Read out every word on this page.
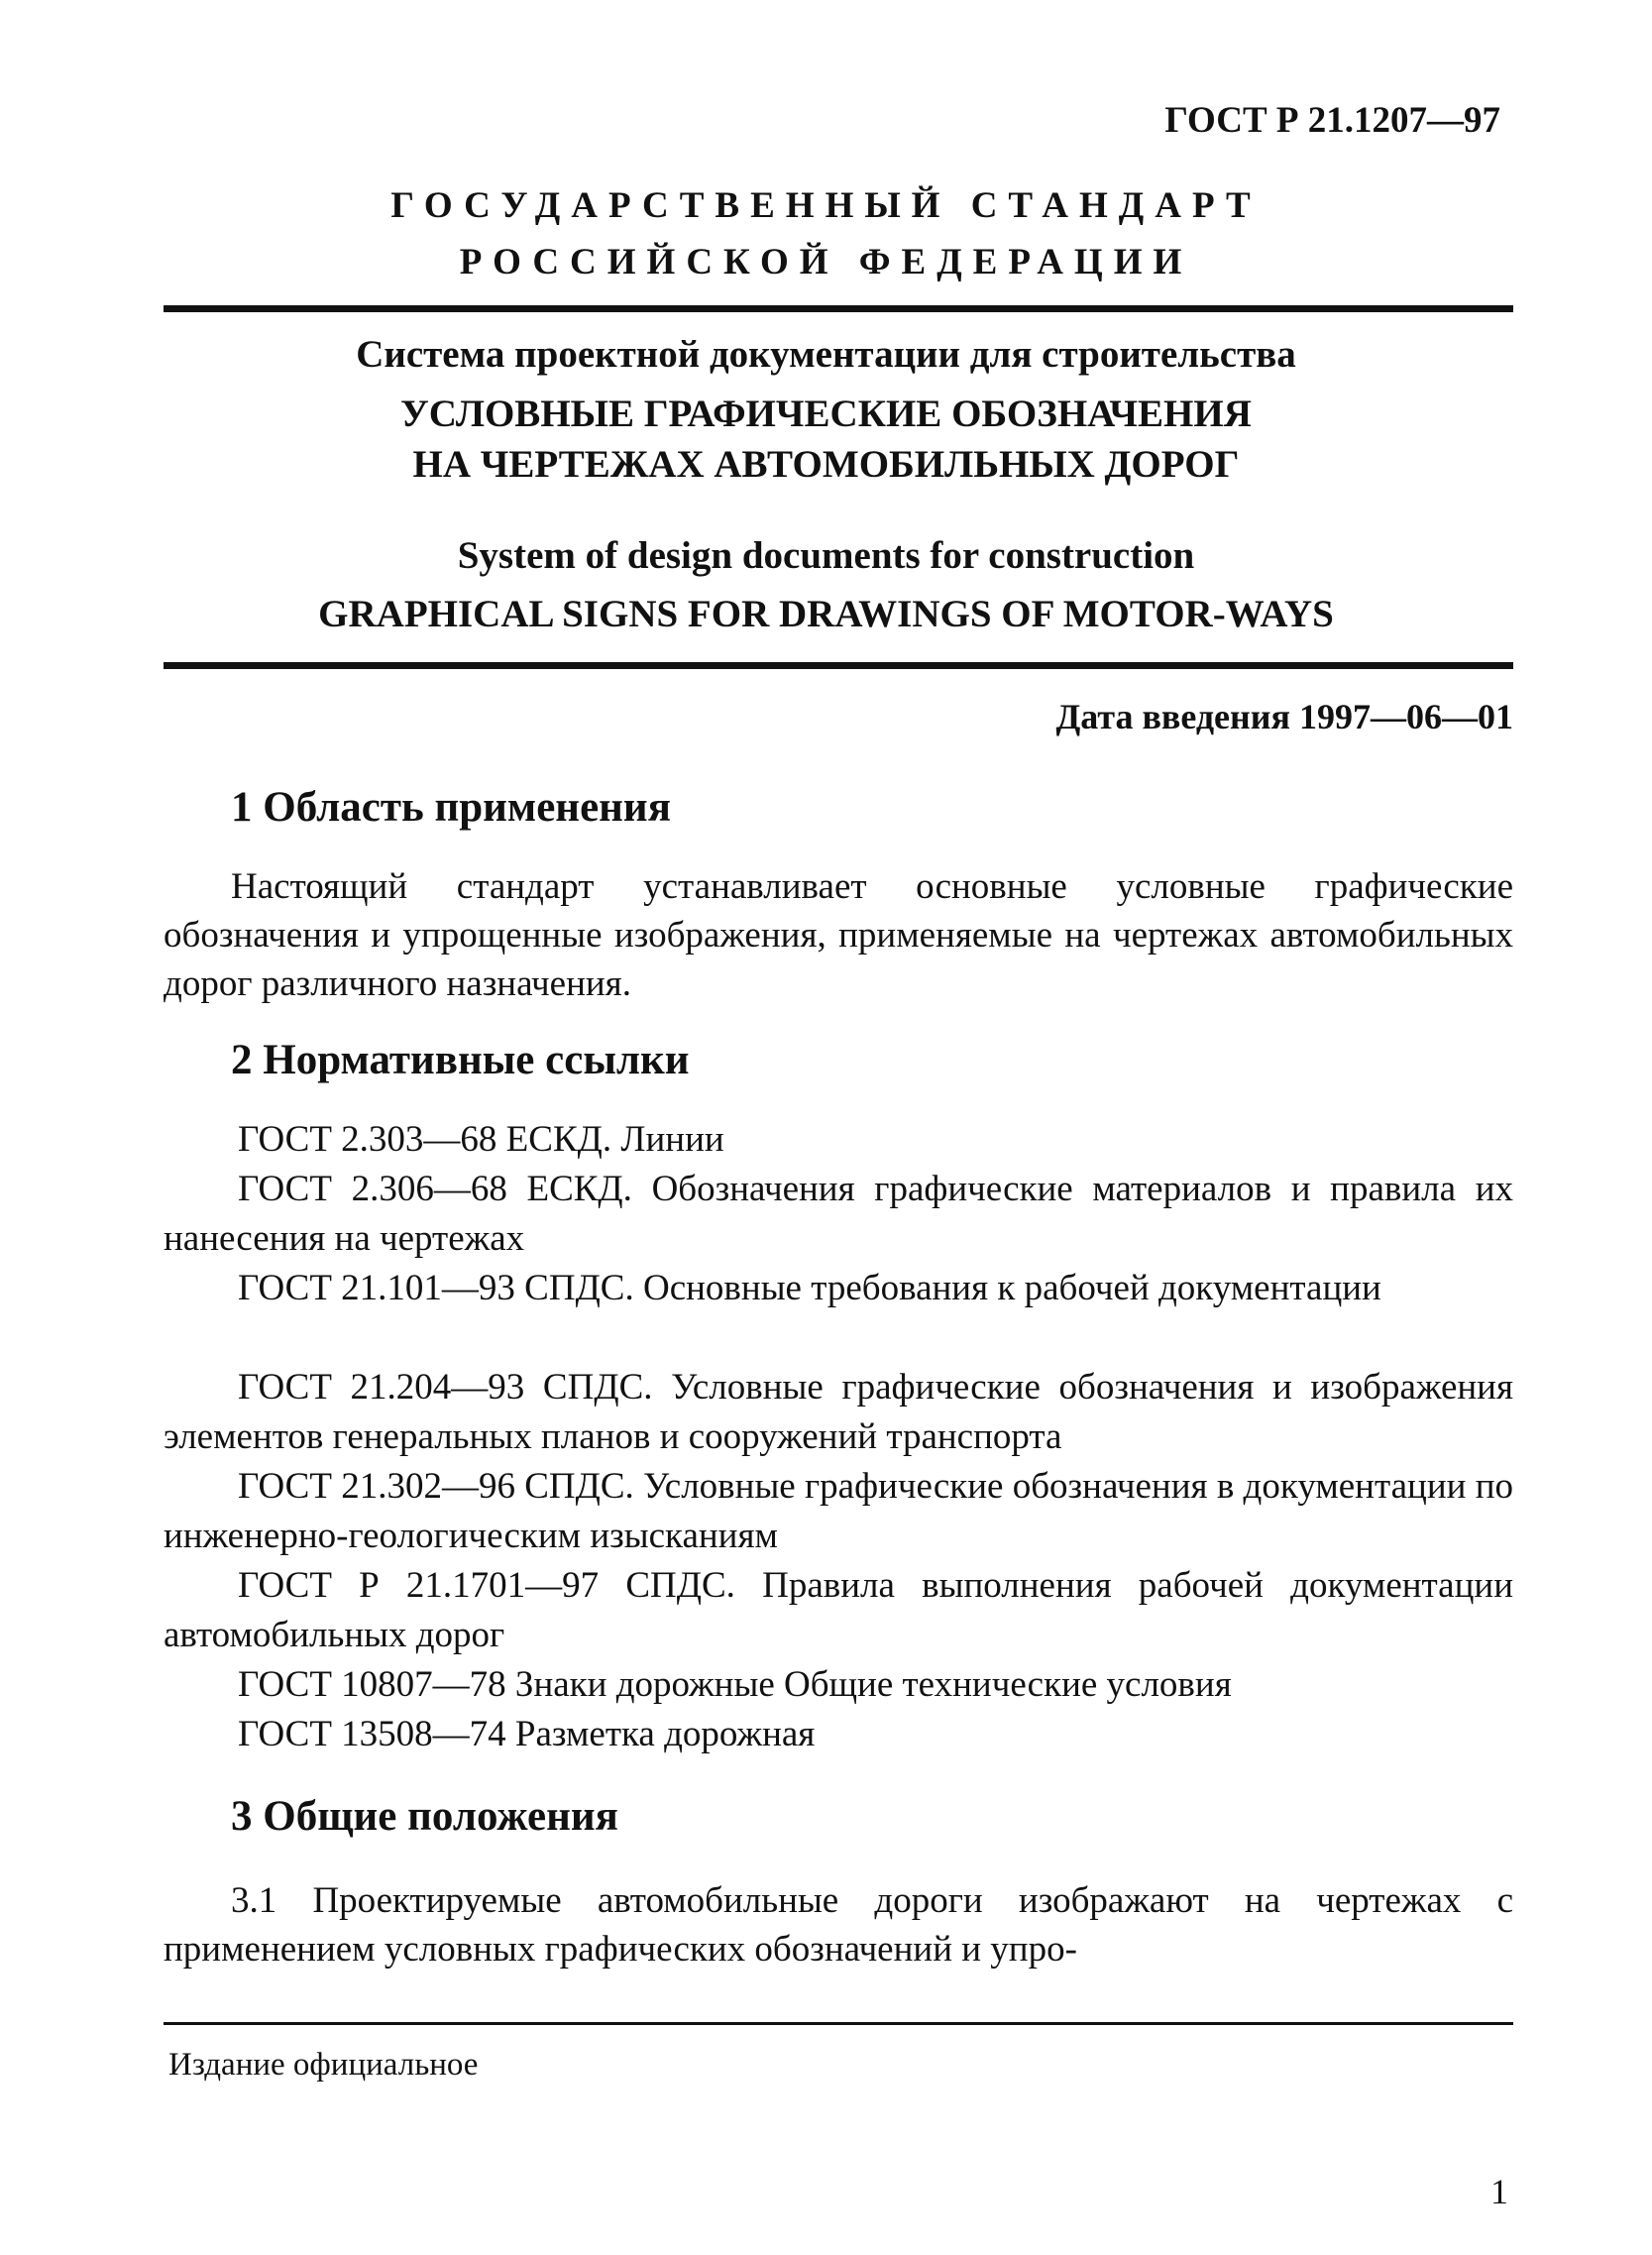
ГОСТ Р 21.1207—97
ГОСУДАРСТВЕННЫЙ СТАНДАРТ
РОССИЙСКОЙ ФЕДЕРАЦИИ
Система проектной документации для строительства
УСЛОВНЫЕ ГРАФИЧЕСКИЕ ОБОЗНАЧЕНИЯ
НА ЧЕРТЕЖАХ АВТОМОБИЛЬНЫХ ДОРОГ
System of design documents for construction
GRAPHICAL SIGNS FOR DRAWINGS OF MOTOR-WAYS
Дата введения 1997—06—01
1 Область применения

Настоящий стандарт устанавливает основные условные графические обозначения и упрощенные изображения, применяемые на чертежах автомобильных дорог различного назначения.

2 Нормативные ссылки

ГОСТ 2.303—68 ЕСКД. Линии

ГОСТ 2.306—68 ЕСКД. Обозначения графические материалов и правила их нанесения на чертежах

ГОСТ 21.101—93 СПДС. Основные требования к рабочей документации

ГОСТ 21.204—93 СПДС. Условные графические обозначения и изображения элементов генеральных планов и сооружений транспорта

ГОСТ 21.302—96 СПДС. Условные графические обозначения в документации по инженерно-геологическим изысканиям

ГОСТ Р 21.1701—97 СПДС. Правила выполнения рабочей документации автомобильных дорог

ГОСТ 10807—78 Знаки дорожные Общие технические условия

ГОСТ 13508—74 Разметка дорожная

3 Общие положения

3.1 Проектируемые автомобильные дороги изображают на чертежах с применением условных графических обозначений и упро-

Издание официальное
1
